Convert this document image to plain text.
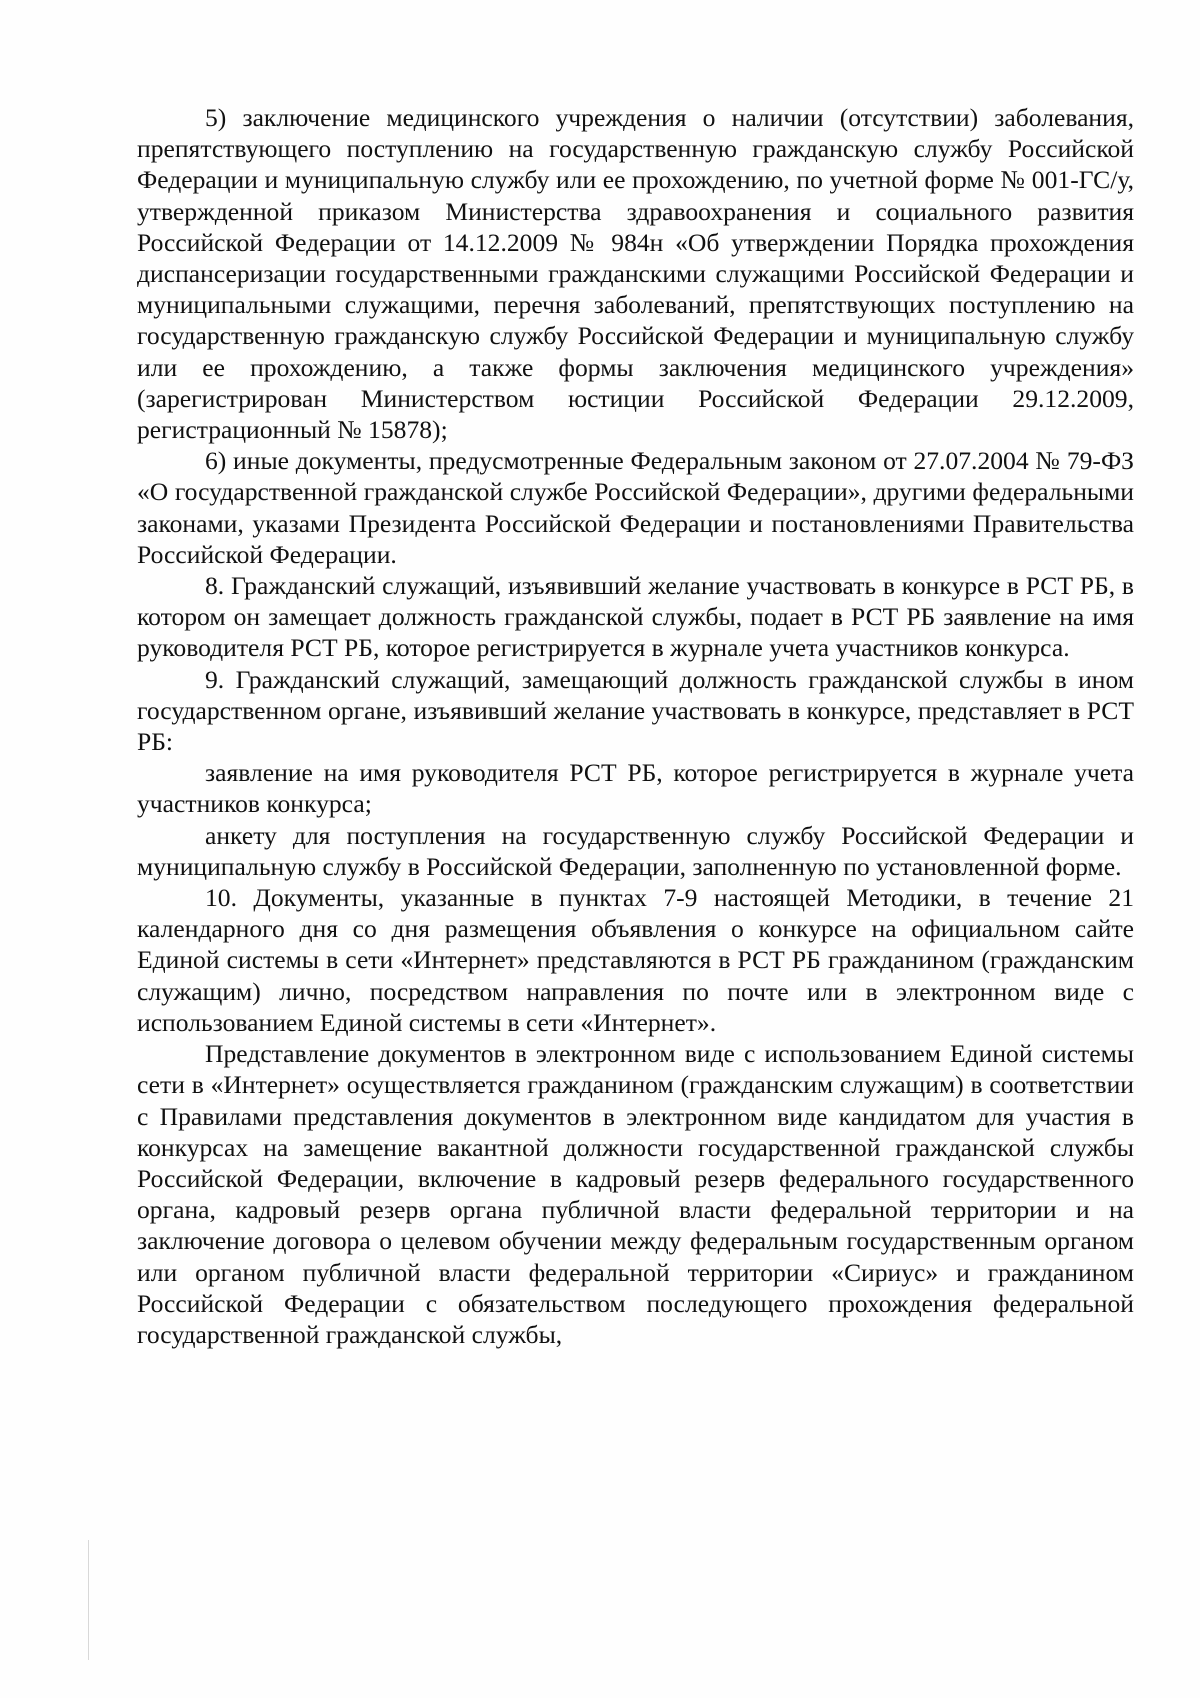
5) заключение медицинского учреждения о наличии (отсутствии) заболевания, препятствующего поступлению на государственную гражданскую службу Российской Федерации и муниципальную службу или ее прохождению, по учетной форме № 001-ГС/у, утвержденной приказом Министерства здравоохранения и социального развития Российской Федерации от 14.12.2009 № 984н «Об утверждении Порядка прохождения диспансеризации государственными гражданскими служащими Российской Федерации и муниципальными служащими, перечня заболеваний, препятствующих поступлению на государственную гражданскую службу Российской Федерации и муниципальную службу или ее прохождению, а также формы заключения медицинского учреждения» (зарегистрирован Министерством юстиции Российской Федерации 29.12.2009, регистрационный № 15878);

6) иные документы, предусмотренные Федеральным законом от 27.07.2004 № 79-ФЗ «О государственной гражданской службе Российской Федерации», другими федеральными законами, указами Президента Российской Федерации и постановлениями Правительства Российской Федерации.

8. Гражданский служащий, изъявивший желание участвовать в конкурсе в РСТ РБ, в котором он замещает должность гражданской службы, подает в РСТ РБ заявление на имя руководителя РСТ РБ, которое регистрируется в журнале учета участников конкурса.

9. Гражданский служащий, замещающий должность гражданской службы в ином государственном органе, изъявивший желание участвовать в конкурсе, представляет в РСТ РБ:

заявление на имя руководителя РСТ РБ, которое регистрируется в журнале учета участников конкурса;

анкету для поступления на государственную службу Российской Федерации и муниципальную службу в Российской Федерации, заполненную по установленной форме.

10. Документы, указанные в пунктах 7-9 настоящей Методики, в течение 21 календарного дня со дня размещения объявления о конкурсе на официальном сайте Единой системы в сети «Интернет» представляются в РСТ РБ гражданином (гражданским служащим) лично, посредством направления по почте или в электронном виде с использованием Единой системы в сети «Интернет».

Представление документов в электронном виде с использованием Единой системы сети в «Интернет» осуществляется гражданином (гражданским служащим) в соответствии с Правилами представления документов в электронном виде кандидатом для участия в конкурсах на замещение вакантной должности государственной гражданской службы Российской Федерации, включение в кадровый резерв федерального государственного органа, кадровый резерв органа публичной власти федеральной территории и на заключение договора о целевом обучении между федеральным государственным органом или органом публичной власти федеральной территории «Сириус» и гражданином Российской Федерации с обязательством последующего прохождения федеральной государственной гражданской службы,
